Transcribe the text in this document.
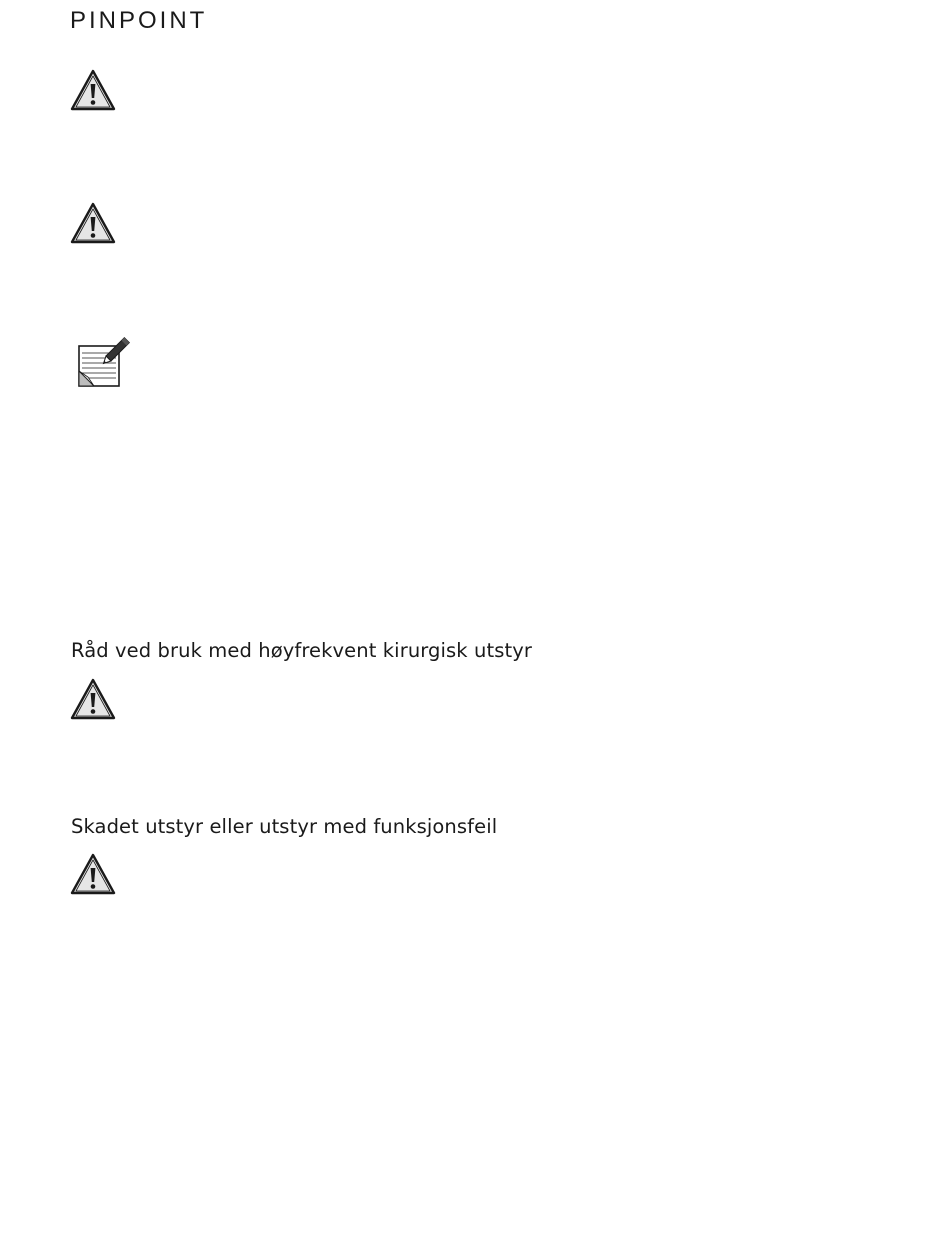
PINPOINT
Råd ved bruk med høyfrekvent kirurgisk utstyr
Skadet utstyr eller utstyr med funksjonsfeil
